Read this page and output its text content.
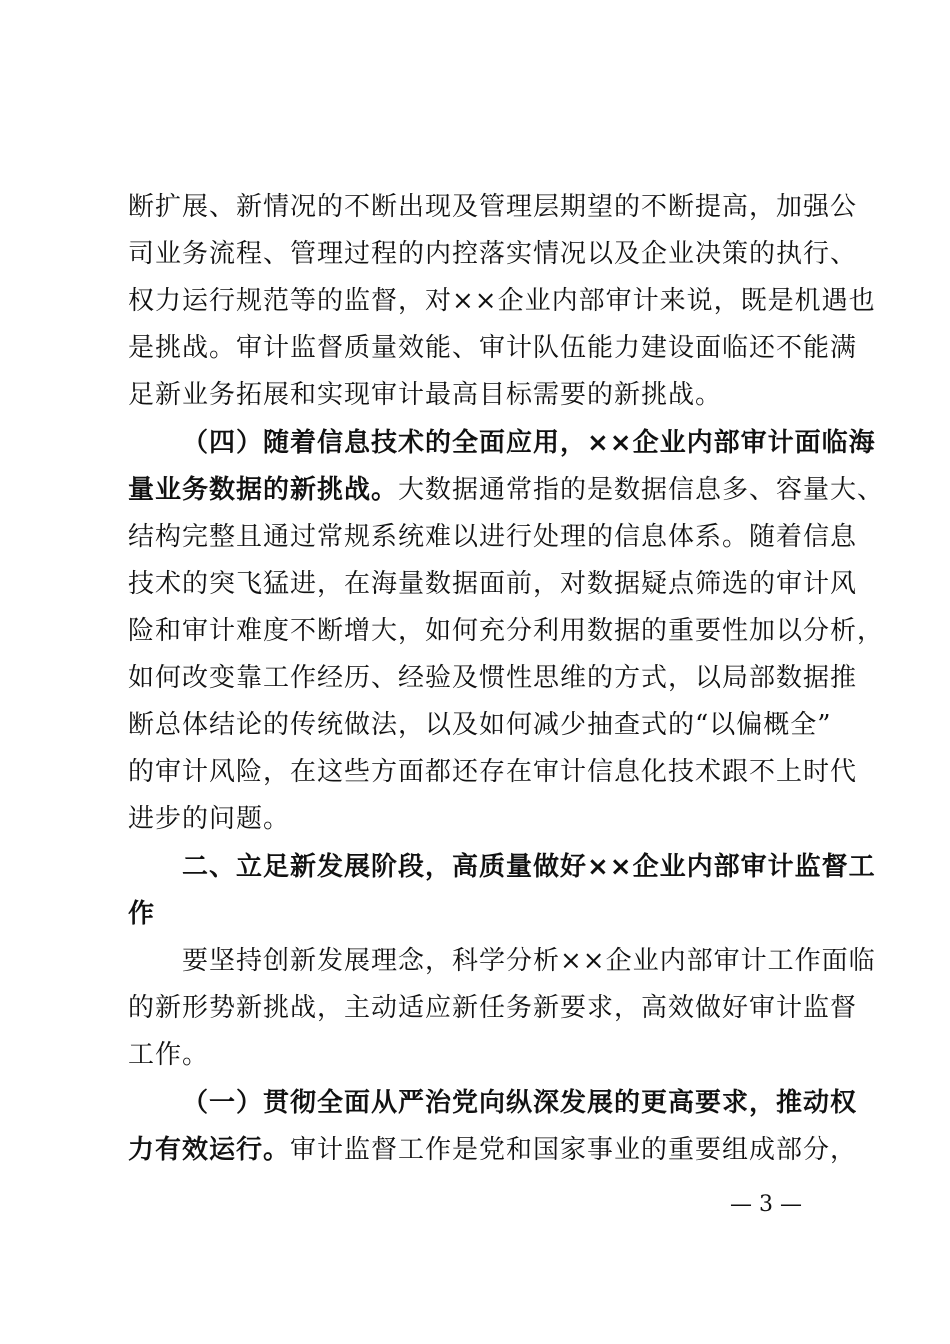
断扩展、新情况的不断出现及管理层期望的不断提高，加强公
司业务流程、管理过程的内控落实情况以及企业决策的执行、
权力运行规范等的监督，对××企业内部审计来说，既是机遇也
是挑战。审计监督质量效能、审计队伍能力建设面临还不能满
足新业务拓展和实现审计最高目标需要的新挑战。
（四）随着信息技术的全面应用，××企业内部审计面临海
量业务数据的新挑战。大数据通常指的是数据信息多、容量大、
结构完整且通过常规系统难以进行处理的信息体系。随着信息
技术的突飞猛进，在海量数据面前，对数据疑点筛选的审计风
险和审计难度不断增大，如何充分利用数据的重要性加以分析，
如何改变靠工作经历、经验及惯性思维的方式，以局部数据推
断总体结论的传统做法，以及如何减少抽查式的“以偏概全”
的审计风险，在这些方面都还存在审计信息化技术跟不上时代
进步的问题。
二、立足新发展阶段，高质量做好××企业内部审计监督工
作
要坚持创新发展理念，科学分析××企业内部审计工作面临
的新形势新挑战，主动适应新任务新要求，高效做好审计监督
工作。
（一）贯彻全面从严治党向纵深发展的更高要求，推动权
力有效运行。审计监督工作是党和国家事业的重要组成部分，
— 3 —
